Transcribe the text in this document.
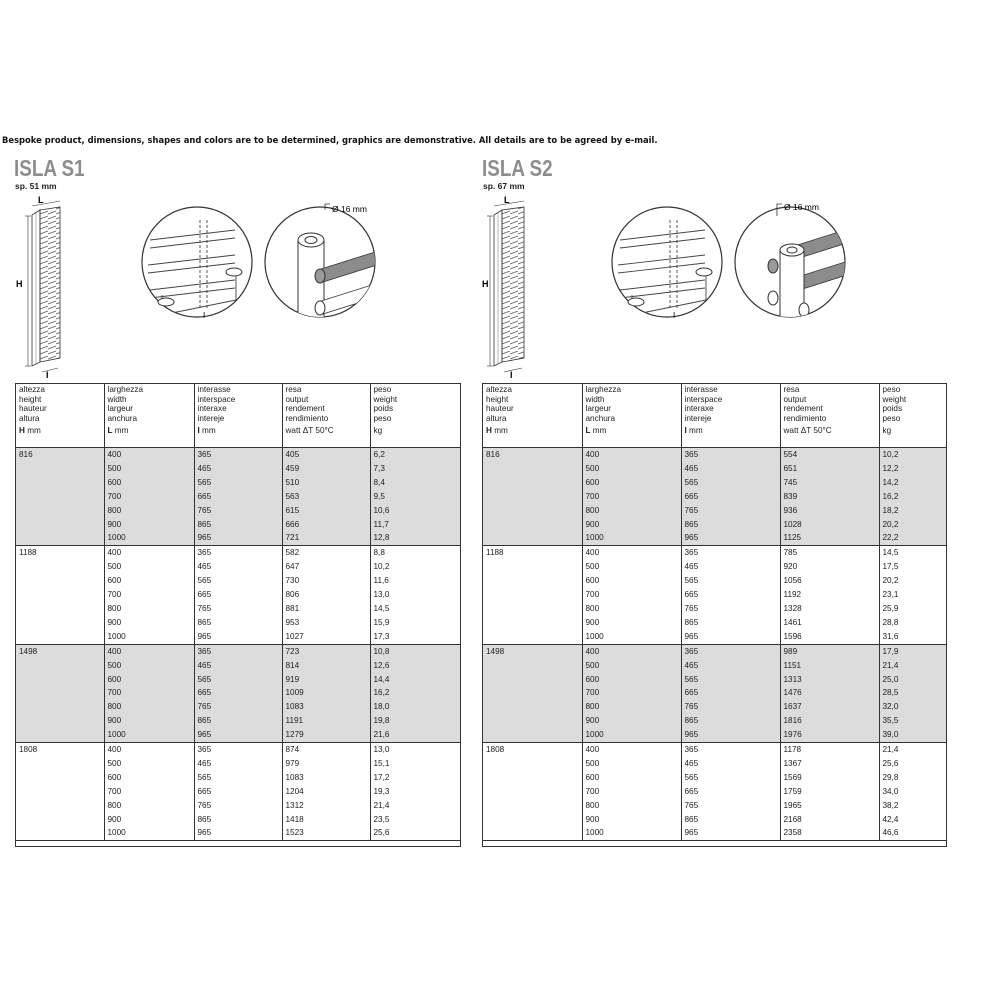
Bespoke product, dimensions, shapes and colors are to be determined, graphics are demonstrative. All details are to be agreed by e-mail.
ISLA S1
sp. 51 mm
ISLA S2
sp. 67 mm
L
H
I
I
Ø 16 mm
L
H
I
I
Ø 16 mm
altezza
height
hauteur
altura
H mm	larghezza
width
largeur
anchura
L mm	interasse
interspace
interaxe
intereje
I mm	resa
output
rendement
rendimiento
watt ΔT 50°C	peso
weight
poids
peso
kg

816	400	365	405	6,2
	500	465	459	7,3
	600	565	510	8,4
	700	665	563	9,5
	800	765	615	10,6
	900	865	666	11,7
	1000	965	721	12,8
1188	400	365	582	8,8
	500	465	647	10,2
	600	565	730	11,6
	700	665	806	13,0
	800	765	881	14,5
	900	865	953	15,9
	1000	965	1027	17,3
1498	400	365	723	10,8
	500	465	814	12,6
	600	565	919	14,4
	700	665	1009	16,2
	800	765	1083	18,0
	900	865	1191	19,8
	1000	965	1279	21,6
1808	400	365	874	13,0
	500	465	979	15,1
	600	565	1083	17,2
	700	665	1204	19,3
	800	765	1312	21,4
	900	865	1418	23,5
	1000	965	1523	25,6
altezza
height
hauteur
altura
H mm	larghezza
width
largeur
anchura
L mm	interasse
interspace
interaxe
intereje
I mm	resa
output
rendement
rendimiento
watt ΔT 50°C	peso
weight
poids
peso
kg

816	400	365	554	10,2
	500	465	651	12,2
	600	565	745	14,2
	700	665	839	16,2
	800	765	936	18,2
	900	865	1028	20,2
	1000	965	1125	22,2
1188	400	365	785	14,5
	500	465	920	17,5
	600	565	1056	20,2
	700	665	1192	23,1
	800	765	1328	25,9
	900	865	1461	28,8
	1000	965	1596	31,6
1498	400	365	989	17,9
	500	465	1151	21,4
	600	565	1313	25,0
	700	665	1476	28,5
	800	765	1637	32,0
	900	865	1816	35,5
	1000	965	1976	39,0
1808	400	365	1178	21,4
	500	465	1367	25,6
	600	565	1569	29,8
	700	665	1759	34,0
	800	765	1965	38,2
	900	865	2168	42,4
	1000	965	2358	46,6
